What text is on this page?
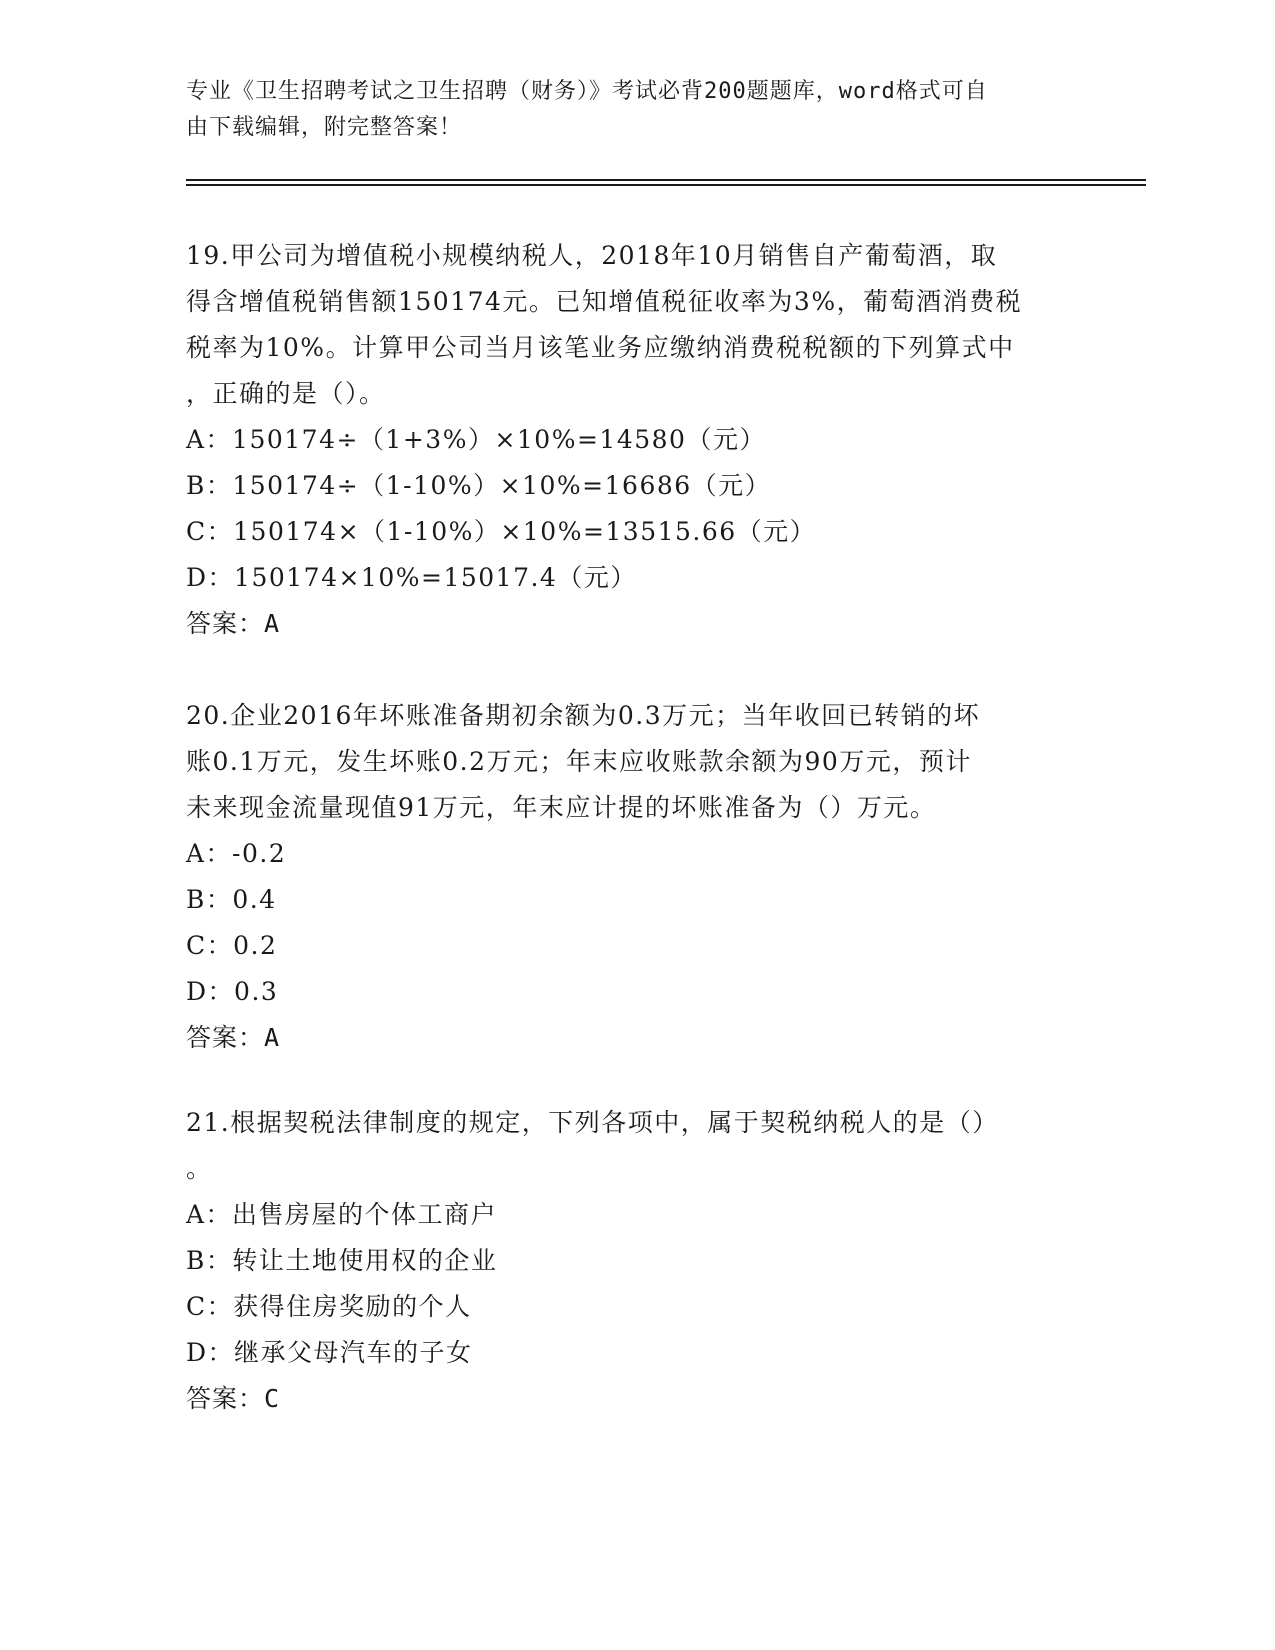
专业《卫生招聘考试之卫生招聘（财务）》考试必背200题题库，word格式可自
由下载编辑，附完整答案！
19.甲公司为增值税小规模纳税人，2018年10月销售自产葡萄酒，取
得含增值税销售额150174元。已知增值税征收率为3%，葡萄酒消费税
税率为10%。计算甲公司当月该笔业务应缴纳消费税税额的下列算式中
，正确的是（）。
A：150174÷（1+3%）×10%=14580（元）
B：150174÷（1-10%）×10%=16686（元）
C：150174×（1-10%）×10%=13515.66（元）
D：150174×10%=15017.4（元）
答案：A
20.企业2016年坏账准备期初余额为0.3万元；当年收回已转销的坏
账0.1万元，发生坏账0.2万元；年末应收账款余额为90万元，预计
未来现金流量现值91万元，年末应计提的坏账准备为（）万元。
A：-0.2
B：0.4
C：0.2
D：0.3
答案：A
21.根据契税法律制度的规定，下列各项中，属于契税纳税人的是（）
。
A：出售房屋的个体工商户
B：转让土地使用权的企业
C：获得住房奖励的个人
D：继承父母汽车的子女
答案：C
